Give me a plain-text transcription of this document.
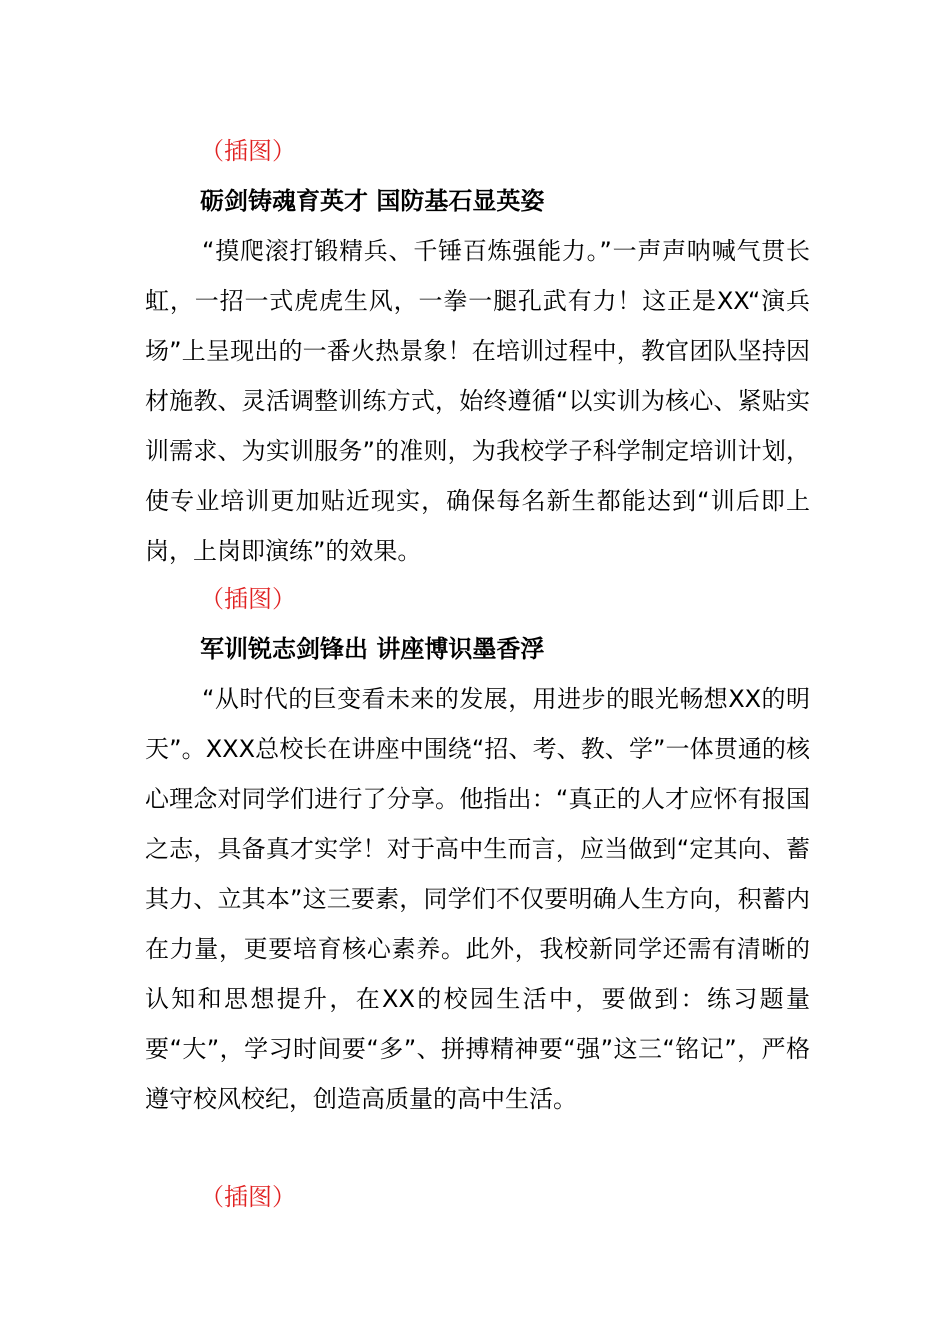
（插图）
砺剑铸魂育英才 国防基石显英姿

“摸爬滚打锻精兵、千锤百炼强能力。”一声声呐喊气贯长虹，一招一式虎虎生风，一拳一腿孔武有力！这正是XX“演兵场”上呈现出的一番火热景象！在培训过程中，教官团队坚持因材施教、灵活调整训练方式，始终遵循“以实训为核心、紧贴实训需求、为实训服务”的准则，为我校学子科学制定培训计划，使专业培训更加贴近现实，确保每名新生都能达到“训后即上岗，上岗即演练”的效果。

（插图）
军训锐志剑锋出 讲座博识墨香浮

“从时代的巨变看未来的发展，用进步的眼光畅想XX的明天”。XXX总校长在讲座中围绕“招、考、教、学”一体贯通的核心理念对同学们进行了分享。他指出：“真正的人才应怀有报国之志，具备真才实学！对于高中生而言，应当做到“定其向、蓄其力、立其本”这三要素，同学们不仅要明确人生方向，积蓄内在力量，更要培育核心素养。此外，我校新同学还需有清晰的认知和思想提升，在XX的校园生活中，要做到：练习题量要“大”，学习时间要“多”、拼搏精神要“强”这三“铭记”，严格遵守校风校纪，创造高质量的高中生活。

（插图）
